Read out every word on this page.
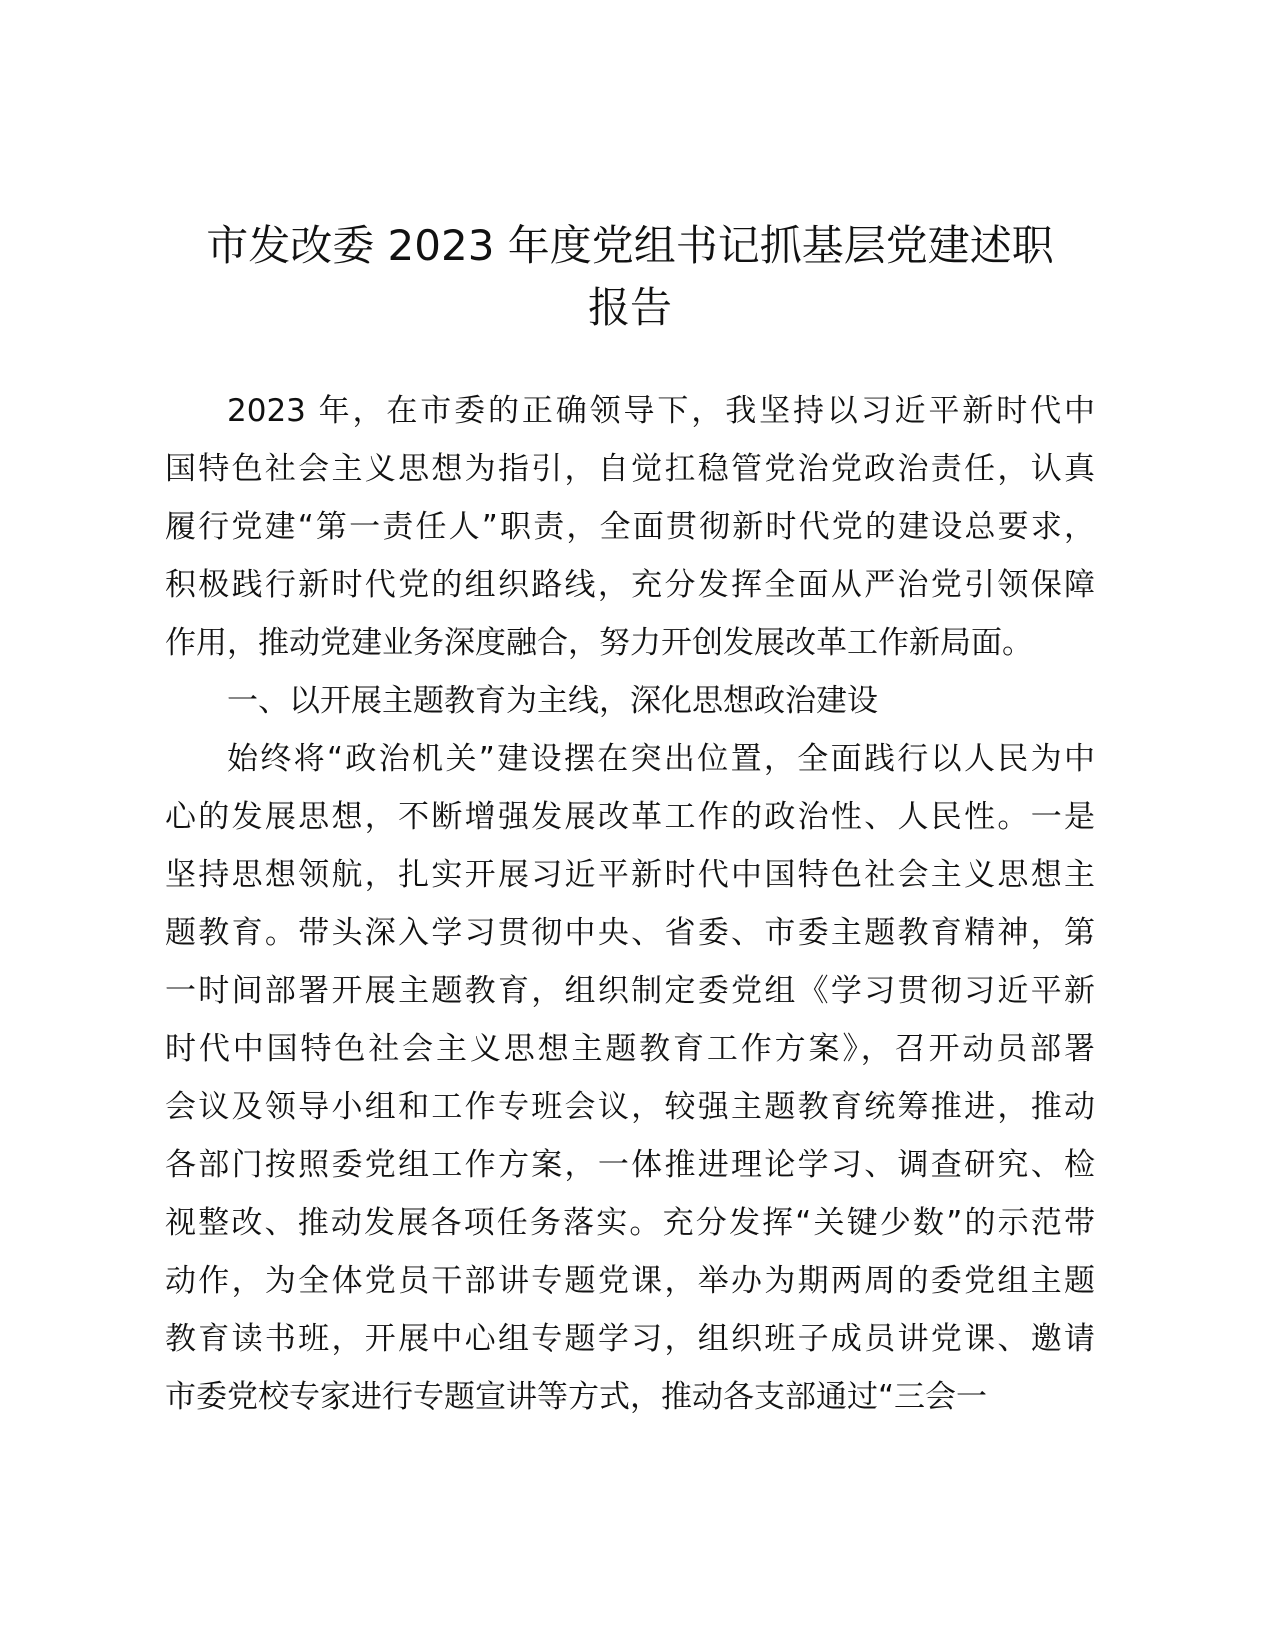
市发改委 2023 年度党组书记抓基层党建述职
报告
2023 年，在市委的正确领导下，我坚持以习近平新时代中
国特色社会主义思想为指引，自觉扛稳管党治党政治责任，认真
履行党建“第一责任人”职责，全面贯彻新时代党的建设总要求，
积极践行新时代党的组织路线，充分发挥全面从严治党引领保障
作用，推动党建业务深度融合，努力开创发展改革工作新局面。
一、以开展主题教育为主线，深化思想政治建设
始终将“政治机关”建设摆在突出位置，全面践行以人民为中
心的发展思想，不断增强发展改革工作的政治性、人民性。一是
坚持思想领航，扎实开展习近平新时代中国特色社会主义思想主
题教育。带头深入学习贯彻中央、省委、市委主题教育精神，第
一时间部署开展主题教育，组织制定委党组《学习贯彻习近平新
时代中国特色社会主义思想主题教育工作方案》，召开动员部署
会议及领导小组和工作专班会议，较强主题教育统筹推进，推动
各部门按照委党组工作方案，一体推进理论学习、调查研究、检
视整改、推动发展各项任务落实。充分发挥“关键少数”的示范带
动作，为全体党员干部讲专题党课，举办为期两周的委党组主题
教育读书班，开展中心组专题学习，组织班子成员讲党课、邀请
市委党校专家进行专题宣讲等方式，推动各支部通过“三会一
